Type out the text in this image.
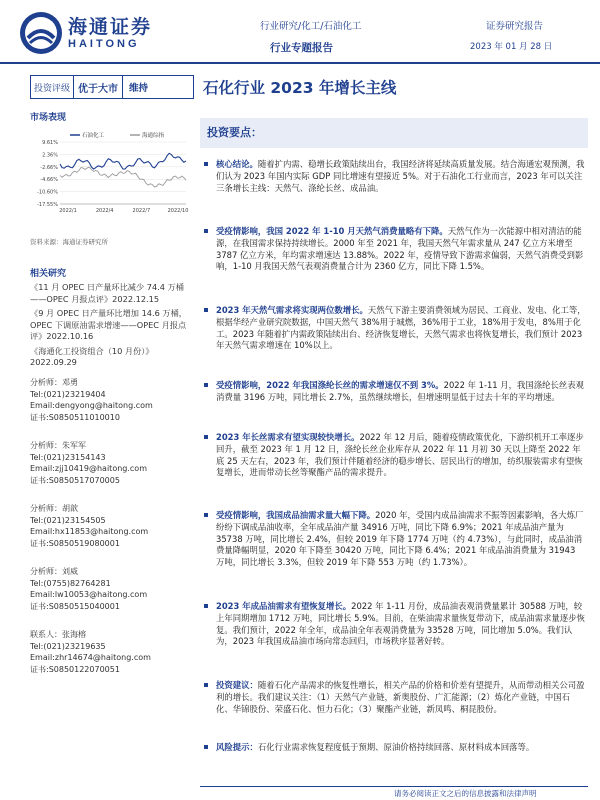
海通证券
HAITONG
行业研究/化工/石油化工
行业专题报告
证券研究报告
2023 年 01 月 28 日
投资评级 优于大市	维持	石化行业 2023 年增长主线
市场表现
石油化工	海通综指
9.61%
2.36%
-2.66%
-4.66%
-10.60%
-17.55%
2022/1	2022/4	2022/7	2022/10
资料来源：海通证券研究所
相关研究
《11 月 OPEC 日产量环比减少 74.4 万桶——OPEC 月报点评》2022.12.15
《9 月 OPEC 日产量环比增加 14.6 万桶，OPEC 下调原油需求增速——OPEC 月报点评》2022.10.16
《海通化工投资组合（10 月份）》2022.09.29
分析师：邓勇
Tel:(021)23219404
Email:dengyong@haitong.com
证书:S0850511010010
分析师：朱军军
Tel:(021)23154143
Email:zjj10419@haitong.com
证书:S0850517070005
分析师：胡歆
Tel:(021)23154505
Email:hx11853@haitong.com
证书:S0850519080001
分析师：刘威
Tel:(0755)82764281
Email:lw10053@haitong.com
证书:S0850515040001
联系人：张海榕
Tel:(021)23219635
Email:zhr14674@haitong.com
证书:S0850122070051
投资要点：
核心结论。随着扩内需、稳增长政策陆续出台，我国经济将延续高质量发展。结合海通宏观预测，我们认为 2023 年国内实际 GDP 同比增速有望接近 5%。对于石油化工行业而言，2023 年可以关注三条增长主线：天然气、涤纶长丝、成品油。
受疫情影响，我国 2022 年 1-10 月天然气消费量略有下降。天然气作为一次能源中相对清洁的能源，在我国需求保持持续增长。2000 年至 2021 年，我国天然气年需求量从 247 亿立方米增至 3787 亿立方米，年均需求增速达 13.88%。2022 年，疫情导致下游需求偏弱，天然气消费受到影响，1-10 月我国天然气表观消费量合计为 2360 亿方，同比下降 1.5%。
2023 年天然气需求将实现两位数增长。天然气下游主要消费领域为居民、工商业、发电、化工等，根据华经产业研究院数据，中国天然气 38%用于城燃，36%用于工业，18%用于发电，8%用于化工。2023 年随着扩内需政策陆续出台、经济恢复增长，天然气需求也将恢复增长，我们预计 2023 年天然气需求增速在 10%以上。
受疫情影响，2022 年我国涤纶长丝的需求增速仅不到 3%。2022 年 1-11 月，我国涤纶长丝表观消费量 3196 万吨，同比增长 2.7%，虽然继续增长，但增速明显低于过去十年的平均增速。
2023 年长丝需求有望实现较快增长。2022 年 12 月后，随着疫情政策优化，下游织机开工率逐步回升，截至 2023 年 1 月 12 日，涤纶长丝企业库存从 2022 年 11 月初 30 天以上降至 2022 年底 25 天左右，2023 年，我们预计伴随着经济的稳步增长、居民出行的增加，纺织服装需求有望恢复增长，进而带动长丝等聚酯产品的需求提升。
受疫情影响，我国成品油需求量大幅下降。2020 年，受国内成品油需求不振等因素影响，各大炼厂纷纷下调成品油收率，全年成品油产量 34916 万吨，同比下降 6.9%；2021 年成品油产量为 35738 万吨，同比增长 2.4%，但较 2019 年下降 1774 万吨（约 4.73%），与此同时，成品油消费量降幅明显，2020 年下降至 30420 万吨，同比下降 6.4%；2021 年成品油消费量为 31943 万吨，同比增长 3.3%，但较 2019 年下降 553 万吨（约 1.73%）。
2023 年成品油需求有望恢复增长。2022 年 1-11 月份，成品油表观消费量累计 30588 万吨，较上年同期增加 1712 万吨，同比增长 5.9%。目前，在柴油需求量恢复带动下，成品油需求量逐步恢复。我们预计，2022 年全年，成品油全年表观消费量为 33528 万吨，同比增加 5.0%。我们认为，2023 年我国成品油市场向常态回归，市场秩序显著好转。
投资建议：随着石化产品需求的恢复性增长，相关产品的价格和价差有望提升，从而带动相关公司盈利的增长。我们建议关注：（1）天然气产业链，新奥股份、广汇能源；（2）炼化产业链，中国石化、华锦股份、荣盛石化、恒力石化；（3）聚酯产业链，新凤鸣、桐昆股份。
风险提示：石化行业需求恢复程度低于预期、原油价格持续回落、原材料成本回落等。
请务必阅读正文之后的信息披露和法律声明
